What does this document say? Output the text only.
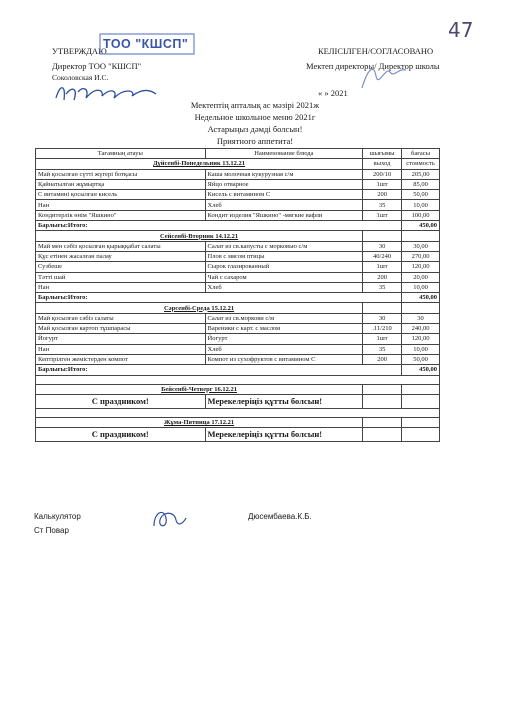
47
УТВЕРЖДАЮ
Директор ТОО "КШСП"
Соколовская И.С.
ТОО "КШСП"	КЕЛІСІЛГЕН/СОГЛАСОВАНО
Мектеп директоры/ Директор школы
« » 2021
Мектептің апталық ас мәзірі 2021ж
Недельное школьное меню 2021г
Астарыңыз дәмді болсын!
Приятного аппетита!
Тағамның атауы	Наименование блюда	шығымы	бағасы
Дүйсенбі-Понедельник 13.12.21		выход	стоимость
Май қосылған сүтті жүгері ботқасы	Каша молочная кукурузная с/м	200/10	205,00
Қайнатылған жұмыртқа	Яйцо отварное	1шт	85,00
С витамині қосылған кисель	Кисель с витамином С	200	50,00
Нан	Хлеб	35	10,00
Кондитерлік өнім "Яшкино"	Кондит изделия "Яшкино" -мягкие вафли	1шт	100,00
Барлығы:Итого:			450,00
Сейсенбі-Вторник 14.12.21			
Май мен сәбіз қосылған қырыққабат салаты	Салат из св.капусты с морковью с/м	30	30,00
Құс етінен жасалған палау	Плов с мясом птицы	40/240	270,00
Сузбеше	Сырок глазированный	1шт	120,00
Тәтті шай	Чай с сахаром	200	20,00
Нан	Хлеб	35	10,00
Барлығы:Итого:			450,00
Сәрсенбі-Среда 15.12.21			
Май қосылған сәбіз салаты	Салат из св.моркови с/м	30	30
Май қосылған картоп тұшпарасы	Вареники с карт. с маслом	.11/210	240,00
Йогурт	Йогурт	1шт	120,00
Нан	Хлеб	35	10,00
Кептірілген жемістерден компот	Компот из сухофруктов с витамином С	200	50,00
Барлығы:Итого:			450,00

Бейсенбі-Четверг 16.12.21			
С праздником!	Мерекелеріңіз құтты болсын!		

Жұма-Пятница 17.12.21			
С праздником!	Мерекелеріңіз құтты болсын!		
Калькулятор
Ст Повар
Дюсембаева.К.Б.
